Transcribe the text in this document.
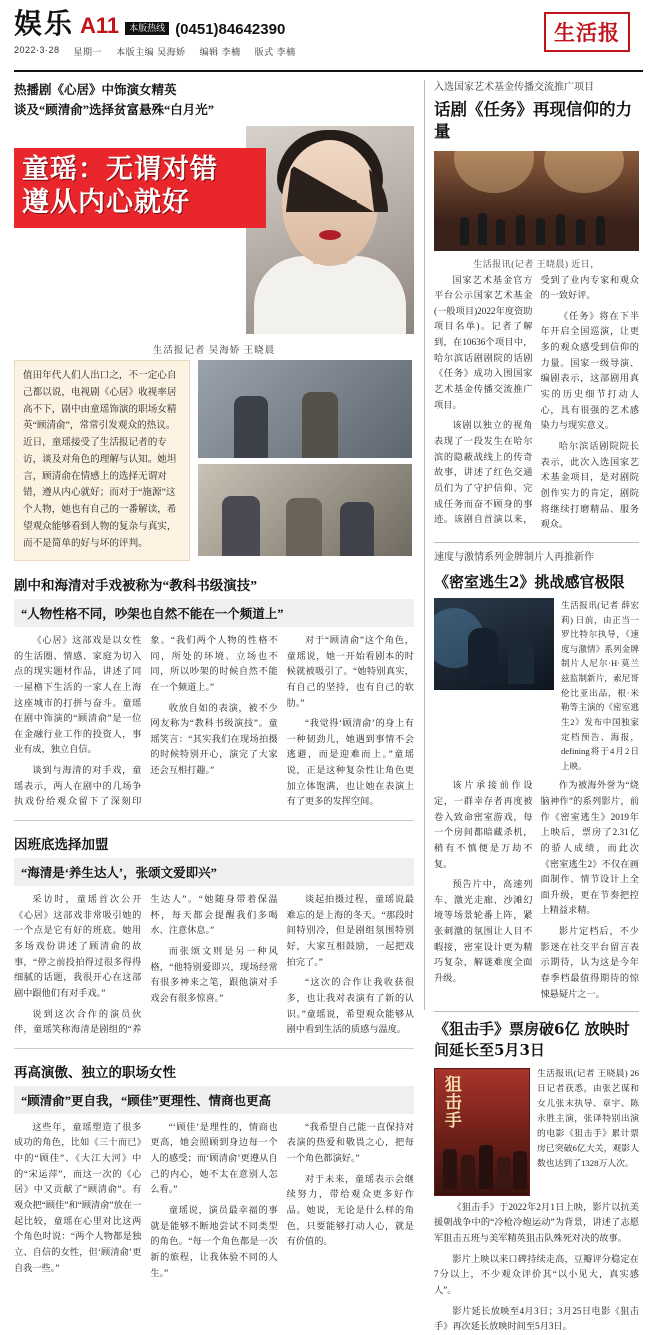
娱乐 A11	本版热线 (0451)84642390
2022·3·28 星期一 本版主编 吴海娇 编辑 李楠 版式 李楠
生活报
热播剧《心居》中饰演女精英
谈及“顾清俞”选择贫富悬殊“白月光”
童瑶：无谓对错
遵从内心就好
生活报记者 吴海娇 王晓晨
值田年代人们人出口之，不一定心自己都以说，电视剧《心居》收视率居高不下，剧中由童瑶饰演的职场女精英“顾清俞”，常常引发观众的热议。近日，童瑶接受了生活报记者的专访，谈及对角色的理解与认知。她坦言，顾清俞在情感上的选择无谓对错，遵从内心就好；而对于“施源”这个人物，她也有自己的一番解读，希望观众能够看到人物的复杂与真实，而不是简单的好与坏的评判。
剧中和海清对手戏被称为“教科书级演技”
“人物性格不同，吵架也自然不能在一个频道上”

《心居》这部戏是以女性的生活圈、情感、家庭为切入点的现实题材作品，讲述了同一屋檐下生活的一家人在上海这座城市的打拼与奋斗。童瑶在剧中饰演的“顾清俞”是一位在金融行业工作的投资人，事业有成，独立自信。

谈到与海清的对手戏，童瑶表示，两人在剧中的几场争执戏份给观众留下了深刻印象。“我们两个人物的性格不同，所处的环境、立场也不同，所以吵架的时候自然不能在一个频道上。”

收放自如的表演，被不少网友称为“教科书级演技”。童瑶笑言：“其实我们在现场拍摄的时候特别开心，演完了大家还会互相打趣。”

对于“顾清俞”这个角色，童瑶说，她一开始看剧本的时候就被吸引了。“她特别真实，有自己的坚持，也有自己的软肋。”

“我觉得‘顾清俞’的身上有一种韧劲儿，她遇到事情不会逃避，而是迎难而上。”童瑶说，正是这种复杂性让角色更加立体饱满，也让她在表演上有了更多的发挥空间。

因班底选择加盟
“海清是‘养生达人’，张颂文爱即兴”

采访时，童瑶首次公开《心居》这部戏非常吸引她的一个点是它有好的班底。她用多场戏份讲述了顾清俞的故事，“停之前投拍得过很多得得细腻的话题，我很开心在这部剧中跟他们有对手戏。”

说到这次合作的演员伙伴，童瑶笑称海清是剧组的“养生达人”。“她随身带着保温杯，每天都会提醒我们多喝水、注意休息。”

而张颂文则是另一种风格，“他特别爱即兴，现场经常有很多神来之笔，跟他演对手戏会有很多惊喜。”

谈起拍摄过程，童瑶说最难忘的是上海的冬天。“那段时间特别冷，但是剧组氛围特别好，大家互相鼓励，一起把戏拍完了。”

“这次的合作让我收获很多，也让我对表演有了新的认识。”童瑶说，希望观众能够从剧中看到生活的质感与温度。

再高演傲、独立的职场女性
“顾清俞”更自我，“顾佳”更理性、情商也更高

这些年，童瑶塑造了很多成功的角色，比如《三十而已》中的“顾佳”、《大江大河》中的“宋运萍”，而这一次的《心居》中又贡献了“顾清俞”。有观众把“顾佳”和“顾清俞”放在一起比较，童瑶在心里对比这两个角色时说：“两个人物都是独立、自信的女性，但‘顾清俞’更自我一些。”

“‘顾佳’是理性的，情商也更高，她会照顾到身边每一个人的感受；而‘顾清俞’更遵从自己的内心，她不太在意别人怎么看。”

童瑶说，演员最幸福的事就是能够不断地尝试不同类型的角色。“每一个角色都是一次新的旅程，让我体验不同的人生。”

“我希望自己能一直保持对表演的热爱和敬畏之心，把每一个角色都演好。”

对于未来，童瑶表示会继续努力，带给观众更多好作品。她说，无论是什么样的角色，只要能够打动人心，就是有价值的。

入选国家艺术基金传播交流推广项目
话剧《任务》再现信仰的力量
生活报讯(记者 王晓晨) 近日，

国家艺术基金官方平台公示国家艺术基金(一般项目)2022年度资助项目名单)。记者了解到，在10636个项目中，哈尔滨话剧剧院的话剧《任务》成功入围国家艺术基金传播交流推广项目。

该剧以独立的视角表现了一段发生在哈尔滨的隐蔽战线上的传奇故事，讲述了红色交通员们为了守护信仰、完成任务而奋不顾身的事迹。该剧自首演以来，受到了业内专家和观众的一致好评。

《任务》将在下半年开启全国巡演，让更多的观众感受到信仰的力量。国家一级导演、编剧表示，这部剧用真实的历史细节打动人心，具有很强的艺术感染力与现实意义。

哈尔滨话剧院院长表示，此次入选国家艺术基金项目，是对剧院创作实力的肯定，剧院将继续打磨精品、服务观众。

速度与激情系列金牌制片人再推新作
《密室逃生2》挑战感官极限
生活报讯(记者 薛宏莉) 日前，由正当一罗比特尔执导，《速度与激情》系列金牌制片人尼尔·H·莫兰兹监制新片，索尼哥伦比亚出品，根·米勒等主演的《密室逃生2》发布中国独家定档预告、海报，defining将于4月2日上映。

该片承接前作设定，一群幸存者再度被卷入致命密室游戏，每一个房间都暗藏杀机，稍有不慎便是万劫不复。

预告片中，高速列车、激光走廊、沙滩幻境等场景轮番上阵，紧张刺激的氛围让人目不暇接，密室设计更为精巧复杂，解谜难度全面升级。

作为被海外誉为“烧脑神作”的系列影片，前作《密室逃生》2019年上映后，票房了2.31亿的骄人成绩，而此次《密室逃生2》不仅在画面制作、情节设计上全面升级，更在节奏把控上精益求精。

影片定档后，不少影迷在社交平台留言表示期待，认为这是今年春季档最值得期待的惊悚悬疑片之一。

《狙击手》票房破6亿 放映时间延长至5月3日
狙击手
生活报讯(记者 王晓晨) 26日记者获悉，由张艺谋和女儿张末执导、章宇、陈永胜主演，张译特别出演的电影《狙击手》累计票房已突破6亿大关，观影人数也达到了1328万人次。

《狙击手》于2022年2月1日上映，影片以抗美援朝战争中的“冷枪冷炮运动”为背景，讲述了志愿军狙击五班与美军精英狙击队殊死对决的故事。

影片上映以来口碑持续走高，豆瓣评分稳定在7分以上，不少观众评价其“以小见大，真实感人”。

影片延长放映至4月3日；3月25日电影《狙击手》再次延长放映时间至5月3日。
